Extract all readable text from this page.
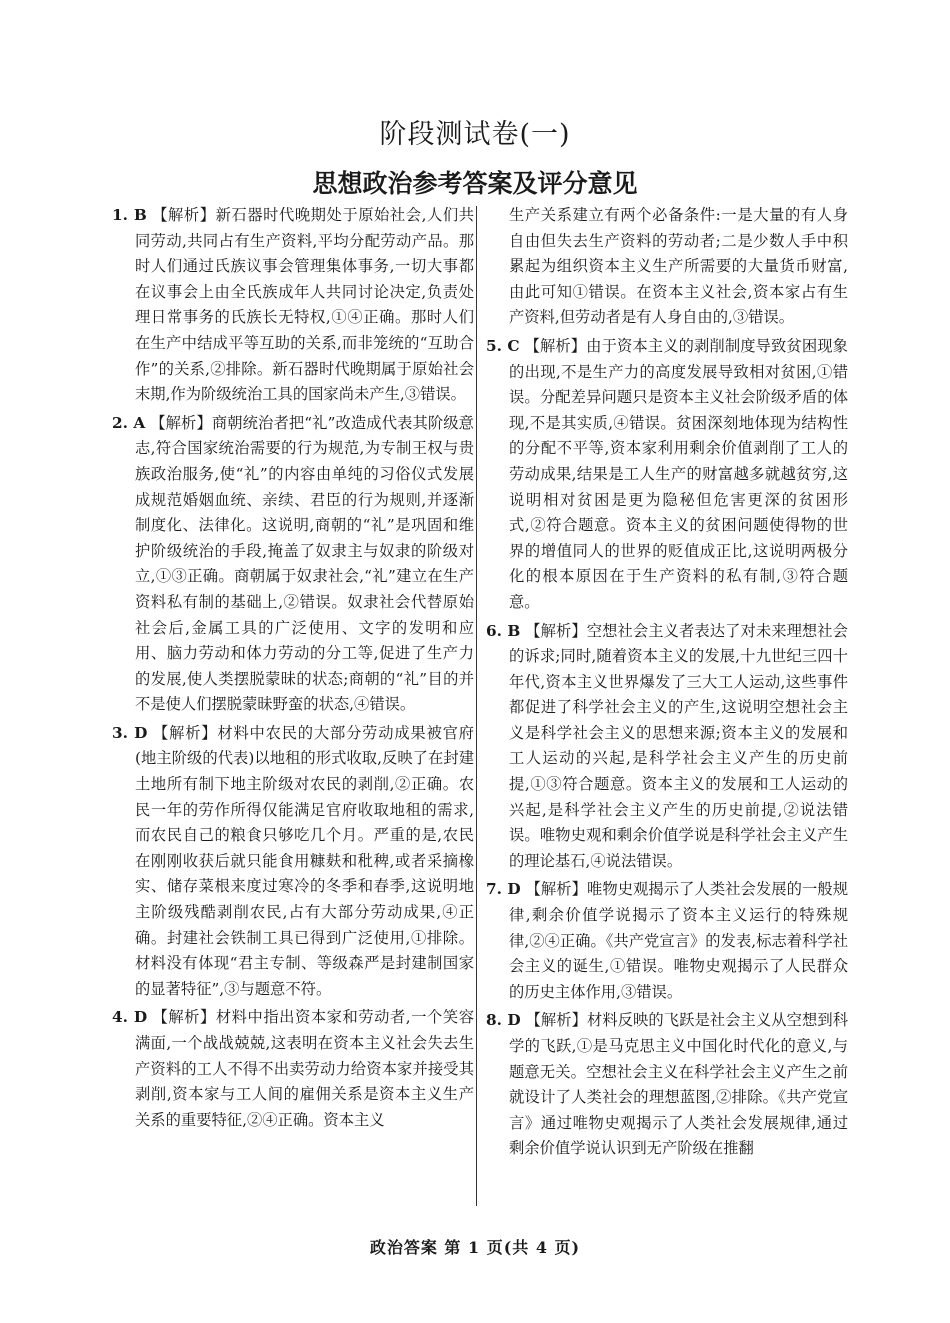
阶段测试卷(一)
思想政治参考答案及评分意见

1. B 【解析】新石器时代晚期处于原始社会,人们共同劳动,共同占有生产资料,平均分配劳动产品。那时人们通过氏族议事会管理集体事务,一切大事都在议事会上由全氏族成年人共同讨论决定,负责处理日常事务的氏族长无特权,①④正确。那时人们在生产中结成平等互助的关系,而非笼统的“互助合作”的关系,②排除。新石器时代晚期属于原始社会末期,作为阶级统治工具的国家尚未产生,③错误。

2. A 【解析】商朝统治者把“礼”改造成代表其阶级意志,符合国家统治需要的行为规范,为专制王权与贵族政治服务,使“礼”的内容由单纯的习俗仪式发展成规范婚姻血统、亲续、君臣的行为规则,并逐渐制度化、法律化。这说明,商朝的“礼”是巩固和维护阶级统治的手段,掩盖了奴隶主与奴隶的阶级对立,①③正确。商朝属于奴隶社会,“礼”建立在生产资料私有制的基础上,②错误。奴隶社会代替原始社会后,金属工具的广泛使用、文字的发明和应用、脑力劳动和体力劳动的分工等,促进了生产力的发展,使人类摆脱蒙昧的状态;商朝的“礼”目的并不是使人们摆脱蒙昧野蛮的状态,④错误。

3. D 【解析】材料中农民的大部分劳动成果被官府(地主阶级的代表)以地租的形式收取,反映了在封建土地所有制下地主阶级对农民的剥削,②正确。农民一年的劳作所得仅能满足官府收取地租的需求,而农民自己的粮食只够吃几个月。严重的是,农民在刚刚收获后就只能食用糠麸和秕稗,或者采摘橡实、储存菜根来度过寒冷的冬季和春季,这说明地主阶级残酷剥削农民,占有大部分劳动成果,④正确。封建社会铁制工具已得到广泛使用,①排除。材料没有体现“君主专制、等级森严是封建制国家的显著特征”,③与题意不符。

4. D 【解析】材料中指出资本家和劳动者,一个笑容满面,一个战战兢兢,这表明在资本主义社会失去生产资料的工人不得不出卖劳动力给资本家并接受其剥削,资本家与工人间的雇佣关系是资本主义生产关系的重要特征,②④正确。资本主义

生产关系建立有两个必备条件:一是大量的有人身自由但失去生产资料的劳动者;二是少数人手中积累起为组织资本主义生产所需要的大量货币财富,由此可知①错误。在资本主义社会,资本家占有生产资料,但劳动者是有人身自由的,③错误。

5. C 【解析】由于资本主义的剥削制度导致贫困现象的出现,不是生产力的高度发展导致相对贫困,①错误。分配差异问题只是资本主义社会阶级矛盾的体现,不是其实质,④错误。贫困深刻地体现为结构性的分配不平等,资本家利用剩余价值剥削了工人的劳动成果,结果是工人生产的财富越多就越贫穷,这说明相对贫困是更为隐秘但危害更深的贫困形式,②符合题意。资本主义的贫困问题使得物的世界的增值同人的世界的贬值成正比,这说明两极分化的根本原因在于生产资料的私有制,③符合题意。

6. B 【解析】空想社会主义者表达了对未来理想社会的诉求;同时,随着资本主义的发展,十九世纪三四十年代,资本主义世界爆发了三大工人运动,这些事件都促进了科学社会主义的产生,这说明空想社会主义是科学社会主义的思想来源;资本主义的发展和工人运动的兴起,是科学社会主义产生的历史前提,①③符合题意。资本主义的发展和工人运动的兴起,是科学社会主义产生的历史前提,②说法错误。唯物史观和剩余价值学说是科学社会主义产生的理论基石,④说法错误。

7. D 【解析】唯物史观揭示了人类社会发展的一般规律,剩余价值学说揭示了资本主义运行的特殊规律,②④正确。《共产党宣言》的发表,标志着科学社会主义的诞生,①错误。唯物史观揭示了人民群众的历史主体作用,③错误。

8. D 【解析】材料反映的飞跃是社会主义从空想到科学的飞跃,①是马克思主义中国化时代化的意义,与题意无关。空想社会主义在科学社会主义产生之前就设计了人类社会的理想蓝图,②排除。《共产党宣言》通过唯物史观揭示了人类社会发展规律,通过剩余价值学说认识到无产阶级在推翻

政治答案 第 1 页(共 4 页)
